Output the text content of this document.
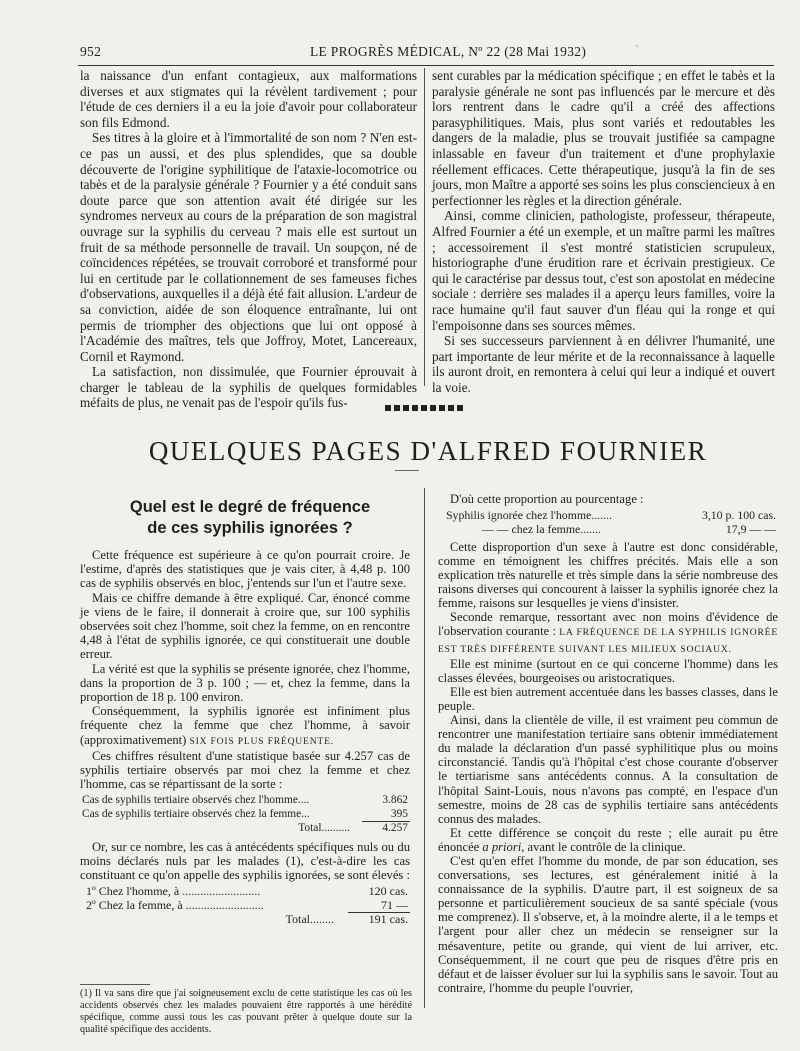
952	LE PROGRÈS MÉDICAL, Nº 22 (28 Mai 1932)	'

la naissance d'un enfant contagieux, aux malformations diverses et aux stigmates qui la révèlent tardivement ; pour l'étude de ces derniers il a eu la joie d'avoir pour collaborateur son fils Edmond.

Ses titres à la gloire et à l'immortalité de son nom ? N'en est-ce pas un aussi, et des plus splendides, que sa double découverte de l'origine syphilitique de l'ataxie-locomotrice ou tabès et de la paralysie générale ? Fournier y a été conduit sans doute parce que son attention avait été dirigée sur les syndromes nerveux au cours de la préparation de son magistral ouvrage sur la syphilis du cerveau ? mais elle est surtout un fruit de sa méthode personnelle de travail. Un soupçon, né de coïncidences répétées, se trouvait corroboré et transformé pour lui en certitude par le collationnement de ses fameuses fiches d'observations, auxquelles il a déjà été fait allusion. L'ardeur de sa conviction, aidée de son éloquence entraînante, lui ont permis de triompher des objections que lui ont opposé à l'Académie des maîtres, tels que Joffroy, Motet, Lancereaux, Cornil et Raymond.

La satisfaction, non dissimulée, que Fournier éprouvait à charger le tableau de la syphilis de quelques formidables méfaits de plus, ne venait pas de l'espoir qu'ils fus-

sent curables par la médication spécifique ; en effet le tabès et la paralysie générale ne sont pas influencés par le mercure et dès lors rentrent dans le cadre qu'il a créé des affections parasyphilitiques. Mais, plus sont variés et redoutables les dangers de la maladie, plus se trouvait justifiée sa campagne inlassable en faveur d'un traitement et d'une prophylaxie réellement efficaces. Cette thérapeutique, jusqu'à la fin de ses jours, mon Maître a apporté ses soins les plus consciencieux à en perfectionner les règles et la direction générale.

Ainsi, comme clinicien, pathologiste, professeur, thérapeute, Alfred Fournier a été un exemple, et un maître parmi les maîtres ; accessoirement il s'est montré statisticien scrupuleux, historiographe d'une érudition rare et écrivain prestigieux. Ce qui le caractérise par dessus tout, c'est son apostolat en médecine sociale : derrière ses malades il a aperçu leurs familles, voire la race humaine qu'il faut sauver d'un fléau qui la ronge et qui l'empoisonne dans ses sources mêmes.

Si ses successeurs parviennent à en délivrer l'humanité, une part importante de leur mérite et de la reconnaissance à laquelle ils auront droit, en remontera à celui qui leur a indiqué et ouvert la voie.

QUELQUES PAGES D'ALFRED FOURNIER
Quel est le degré de fréquence
de ces syphilis ignorées ?

Cette fréquence est supérieure à ce qu'on pourrait croire. Je l'estime, d'après des statistiques que je vais citer, à 4,48 p. 100 cas de syphilis observés en bloc, j'entends sur l'un et l'autre sexe.

Mais ce chiffre demande à être expliqué. Car, énoncé comme je viens de le faire, il donnerait à croire que, sur 100 syphilis observées soit chez l'homme, soit chez la femme, on en rencontre 4,48 à l'état de syphilis ignorée, ce qui constituerait une double erreur.

La vérité est que la syphilis se présente ignorée, chez l'homme, dans la proportion de 3 p. 100 ; — et, chez la femme, dans la proportion de 18 p. 100 environ.

Conséquemment, la syphilis ignorée est infiniment plus fréquente chez la femme que chez l'homme, à savoir (approximativement) SIX FOIS PLUS FRÉQUENTE.

Ces chiffres résultent d'une statistique basée sur 4.257 cas de syphilis tertiaire observés par moi chez la femme et chez l'homme, cas se répartissant de la sorte :

Cas de syphilis tertiaire observés chez l'homme....	3.862
Cas de syphilis tertiaire observés chez la femme...	395
Total..........	4.257

Or, sur ce nombre, les cas à antécédents spécifiques nuls ou du moins déclarés nuls par les malades (1), c'est-à-dire les cas constituant ce qu'on appelle des syphilis ignorées, se sont élevés :

1º Chez l'homme, à ..........................	120 cas.
2º Chez la femme, à ..........................	71 —
Total........	191 cas.
(1) Il va sans dire que j'ai soigneusement exclu de cette statistique les cas où les accidents observés chez les malades pouvaient être rapportés à une hérédité spécifique, comme aussi tous les cas pouvant prêter à quelque doute sur la qualité spécifique des accidents.

D'où cette proportion au pourcentage :

Syphilis ignorée chez l'homme.......	3,10 p. 100 cas.
— — chez la femme.......	17,9 — —

Cette disproportion d'un sexe à l'autre est donc considérable, comme en témoignent les chiffres précités. Mais elle a son explication très naturelle et très simple dans la série nombreuse des raisons diverses qui concourent à laisser la syphilis ignorée chez la femme, raisons sur lesquelles je viens d'insister.

Seconde remarque, ressortant avec non moins d'évidence de l'observation courante : LA FRÉQUENCE DE LA SYPHILIS IGNORÉE EST TRÈS DIFFÉRENTE SUIVANT LES MILIEUX SOCIAUX.

Elle est minime (surtout en ce qui concerne l'homme) dans les classes élevées, bourgeoises ou aristocratiques.

Elle est bien autrement accentuée dans les basses classes, dans le peuple.

Ainsi, dans la clientèle de ville, il est vraiment peu commun de rencontrer une manifestation tertiaire sans obtenir immédiatement du malade la déclaration d'un passé syphilitique plus ou moins circonstancié. Tandis qu'à l'hôpital c'est chose courante d'observer le tertiarisme sans antécédents connus. A la consultation de l'hôpital Saint-Louis, nous n'avons pas compté, en l'espace d'un semestre, moins de 28 cas de syphilis tertiaire sans antécédents connus des malades.

Et cette différence se conçoit du reste ; elle aurait pu être énoncée a priori, avant le contrôle de la clinique.

C'est qu'en effet l'homme du monde, de par son éducation, ses conversations, ses lectures, est généralement initié à la connaissance de la syphilis. D'autre part, il est soigneux de sa personne et particulièrement soucieux de sa santé spéciale (vous me comprenez). Il s'observe, et, à la moindre alerte, il a le temps et l'argent pour aller chez un médecin se renseigner sur la mésaventure, petite ou grande, qui vient de lui arriver, etc. Conséquemment, il ne court que peu de risques d'être pris en défaut et de laisser évoluer sur lui la syphilis sans le savoir. Tout au contraire, l'homme du peuple l'ouvrier,
